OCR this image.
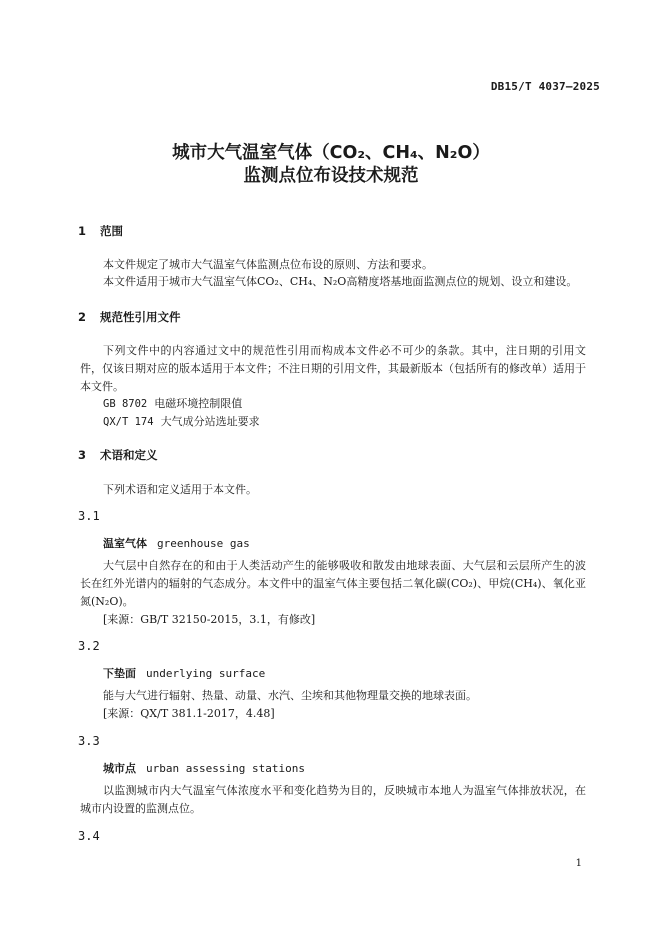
DB15/T 4037—2025
城市大气温室气体（CO₂、CH₄、N₂O）
监测点位布设技术规范
1 范围
本文件规定了城市大气温室气体监测点位布设的原则、方法和要求。
本文件适用于城市大气温室气体CO₂、CH₄、N₂O高精度塔基地面监测点位的规划、设立和建设。
2 规范性引用文件
下列文件中的内容通过文中的规范性引用而构成本文件必不可少的条款。其中，注日期的引用文件，仅该日期对应的版本适用于本文件；不注日期的引用文件，其最新版本（包括所有的修改单）适用于本文件。
GB 8702 电磁环境控制限值
QX/T 174 大气成分站选址要求
3 术语和定义
下列术语和定义适用于本文件。
3.1
温室气体 greenhouse gas
大气层中自然存在的和由于人类活动产生的能够吸收和散发由地球表面、大气层和云层所产生的波长在红外光谱内的辐射的气态成分。本文件中的温室气体主要包括二氧化碳(CO₂)、甲烷(CH₄)、氧化亚氮(N₂O)。
[来源：GB/T 32150-2015，3.1，有修改]
3.2
下垫面 underlying surface
能与大气进行辐射、热量、动量、水汽、尘埃和其他物理量交换的地球表面。
[来源：QX/T 381.1-2017，4.48]
3.3
城市点 urban assessing stations
以监测城市内大气温室气体浓度水平和变化趋势为目的，反映城市本地人为温室气体排放状况，在城市内设置的监测点位。
3.4
1
